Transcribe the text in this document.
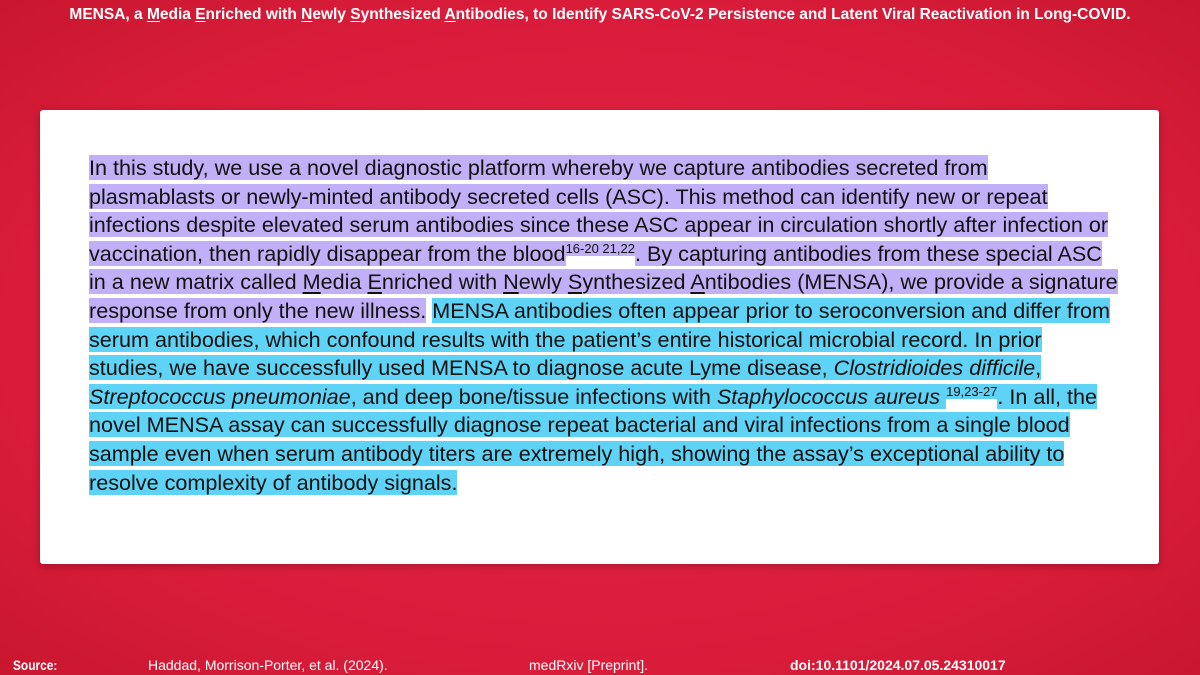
MENSA, a Media Enriched with Newly Synthesized Antibodies, to Identify SARS-CoV-2 Persistence and Latent Viral Reactivation in Long-COVID.
In this study, we use a novel diagnostic platform whereby we capture antibodies secreted from plasmablasts or newly-minted antibody secreted cells (ASC). This method can identify new or repeat infections despite elevated serum antibodies since these ASC appear in circulation shortly after infection or vaccination, then rapidly disappear from the blood$^{16-20 21,22}$. By capturing antibodies from these special ASC in a new matrix called Media Enriched with Newly Synthesized Antibodies (MENSA), we provide a signature response from only the new illness. MENSA antibodies often appear prior to seroconversion and differ from serum antibodies, which confound results with the patient’s entire historical microbial record. In prior studies, we have successfully used MENSA to diagnose acute Lyme disease, Clostridioides difficile, Streptococcus pneumoniae, and deep bone/tissue infections with Staphylococcus aureus $^{19,23-27}$. In all, the novel MENSA assay can successfully diagnose repeat bacterial and viral infections from a single blood sample even when serum antibody titers are extremely high, showing the assay’s exceptional ability to resolve complexity of antibody signals.
Source:	Haddad, Morrison-Porter, et al. (2024).	medRxiv [Preprint].	doi:10.1101/2024.07.05.24310017
